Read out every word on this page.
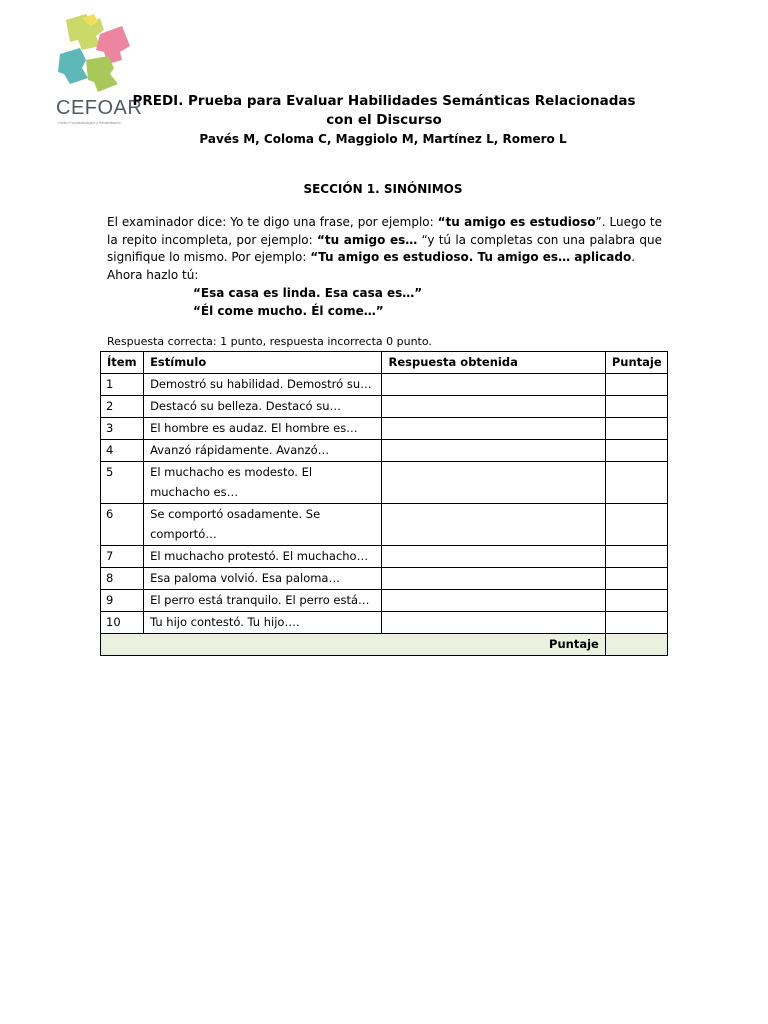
CEFOAR
Centro Fonoaudiológico y Rehabilitación
PREDI. Prueba para Evaluar Habilidades Semánticas Relacionadas con el Discurso
Pavés M, Coloma C, Maggiolo M, Martínez L, Romero L
SECCIÓN 1. SINÓNIMOS
El examinador dice: Yo te digo una frase, por ejemplo: “tu amigo es estudioso”. Luego te la repito incompleta, por ejemplo: “tu amigo es… “y tú la completas con una palabra que signifique lo mismo. Por ejemplo: “Tu amigo es estudioso. Tu amigo es… aplicado.
Ahora hazlo tú:
“Esa casa es linda. Esa casa es…”
“Él come mucho. Él come…”
Respuesta correcta: 1 punto, respuesta incorrecta 0 punto.
Ítem	Estímulo	Respuesta obtenida	Puntaje
1	Demostró su habilidad. Demostró su…		
2	Destacó su belleza. Destacó su…		
3	El hombre es audaz. El hombre es…		
4	Avanzó rápidamente. Avanzó…		
5	El muchacho es modesto. El muchacho es…		
6	Se comportó osadamente. Se comportó…		
7	El muchacho protestó. El muchacho…		
8	Esa paloma volvió. Esa paloma…		
9	El perro está tranquilo. El perro está…		
10	Tu hijo contestó. Tu hijo….		
Puntaje			
